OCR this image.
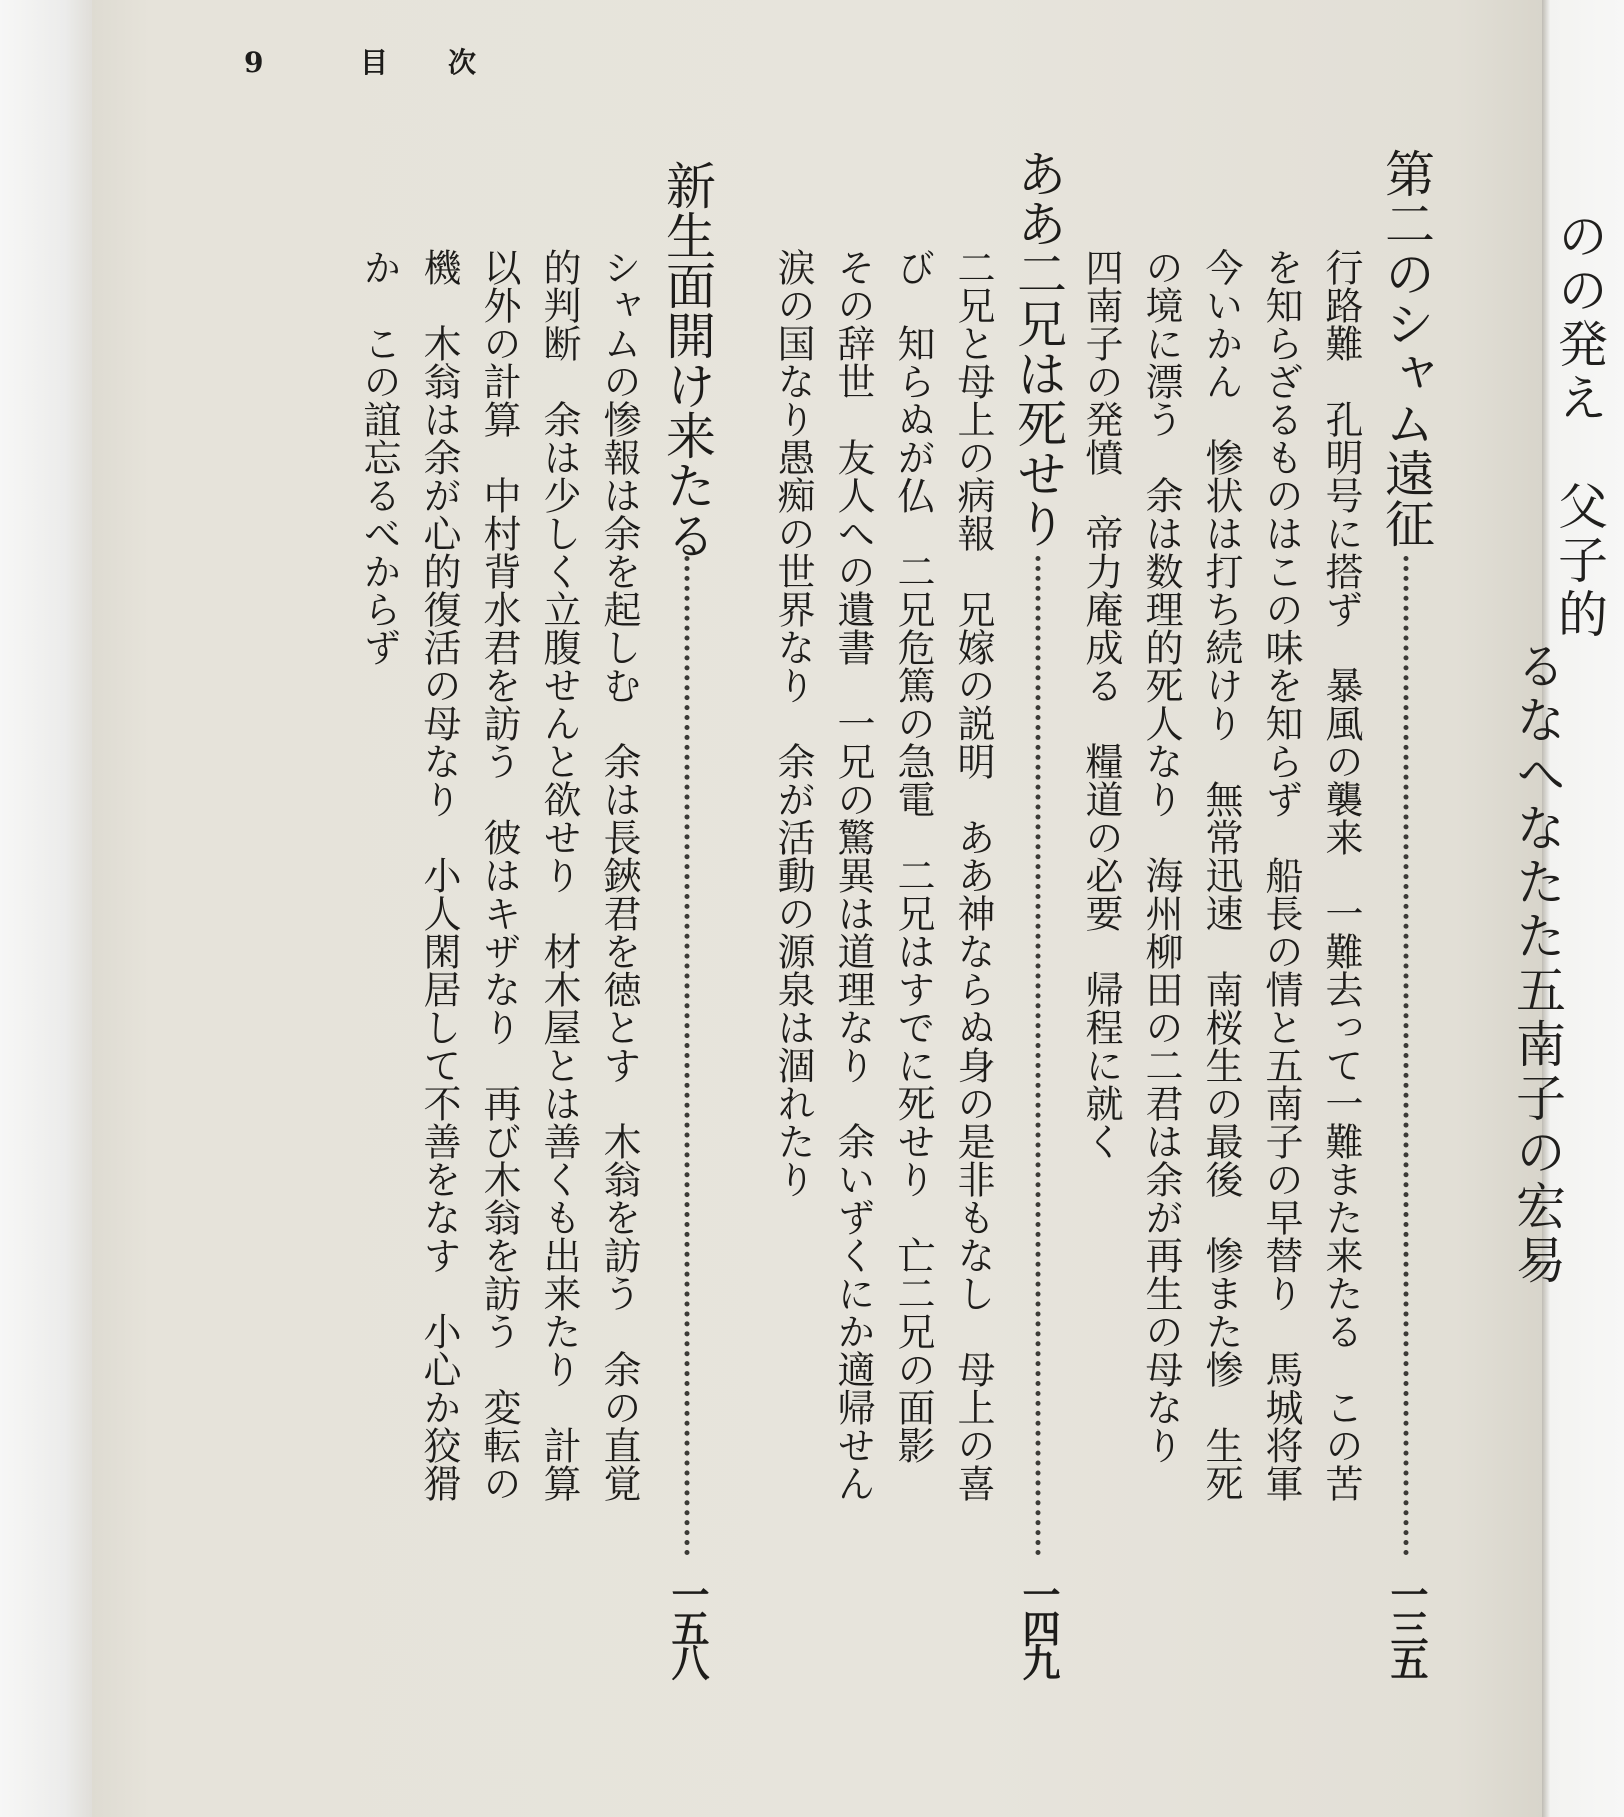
9	目 次
第二のシャム遠征
行路難　孔明号に搭ず　暴風の襲来　一難去って一難また来たる　この苦
を知らざるものはこの味を知らず　船長の情と五南子の早替り　馬城将軍
今いかん　惨状は打ち続けり　無常迅速　南桜生の最後　惨また惨　生死
の境に漂う　余は数理的死人なり　海州柳田の二君は余が再生の母なり
四南子の発憤　帝力庵成る　糧道の必要　帰程に就く
一三五
ああ二兄は死せり
二兄と母上の病報　兄嫁の説明　ああ神ならぬ身の是非もなし　母上の喜
び　知らぬが仏　二兄危篤の急電　二兄はすでに死せり　亡二兄の面影
その辞世　友人への遺書　一兄の驚異は道理なり　余いずくにか適帰せん
涙の国なり愚痴の世界なり　余が活動の源泉は涸れたり
一四九
新生面開け来たる
シャムの惨報は余を起しむ　余は長鋏君を徳とす　木翁を訪う　余の直覚
的判断　余は少しく立腹せんと欲せり　材木屋とは善くも出来たり　計算
以外の計算　中村背水君を訪う　彼はキザなり　再び木翁を訪う　変転の
機　木翁は余が心的復活の母なり　小人閑居して不善をなす　小心か狡猾
か　この誼忘るべからず
一五八
のの発え　父子的
るなへなたた五南子の宏易
